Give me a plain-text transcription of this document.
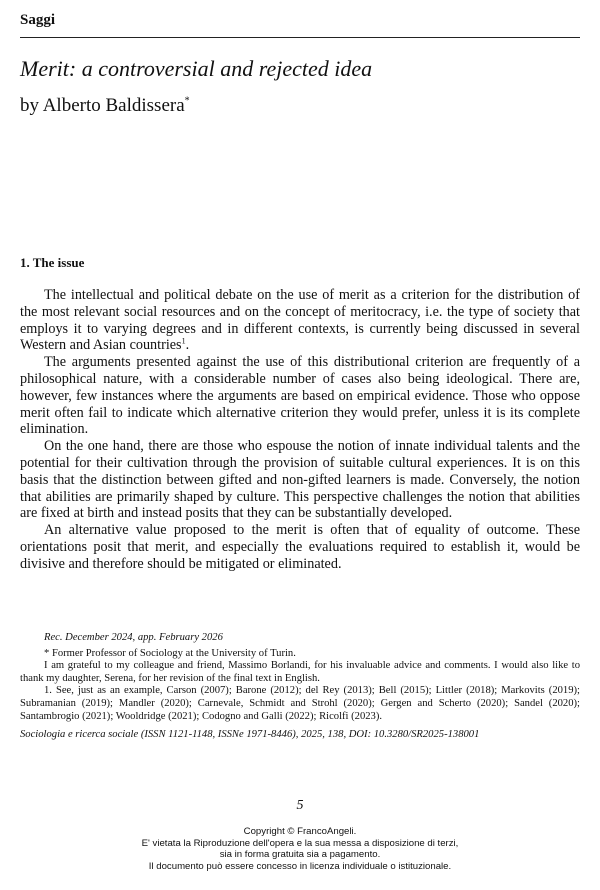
Saggi
Merit: a controversial and rejected idea
by Alberto Baldissera*
1. The issue

The intellectual and political debate on the use of merit as a criterion for the distribution of the most relevant social resources and on the concept of meritocracy, i.e. the type of society that employs it to varying degrees and in different contexts, is currently being discussed in several Western and Asian countries$^1$.

The arguments presented against the use of this distributional criterion are frequently of a philosophical nature, with a considerable number of cases also being ideological. There are, however, few instances where the arguments are based on empirical evidence. Those who oppose merit often fail to indicate which alternative criterion they would prefer, unless it is its complete elimination.

On the one hand, there are those who espouse the notion of innate individual talents and the potential for their cultivation through the provision of suitable cultural experiences. It is on this basis that the distinction between gifted and non-gifted learners is made. Conversely, the notion that abilities are primarily shaped by culture. This perspective challenges the notion that abilities are fixed at birth and instead posits that they can be substantially developed.

An alternative value proposed to the merit is often that of equality of outcome. These orientations posit that merit, and especially the evaluations required to establish it, would be divisive and therefore should be mitigated or eliminated.

Rec. December 2024, app. February 2026

* Former Professor of Sociology at the University of Turin.

I am grateful to my colleague and friend, Massimo Borlandi, for his invaluable advice and comments. I would also like to thank my daughter, Serena, for her revision of the final text in English.

1. See, just as an example, Carson (2007); Barone (2012); del Rey (2013); Bell (2015); Littler (2018); Markovits (2019); Subramanian (2019); Mandler (2020); Carnevale, Schmidt and Strohl (2020); Gergen and Scherto (2020); Sandel (2020); Santambrogio (2021); Wooldridge (2021); Codogno and Galli (2022); Ricolfi (2023).

Sociologia e ricerca sociale (ISSN 1121-1148, ISSNe 1971-8446), 2025, 138, DOI: 10.3280/SR2025-138001

5
Copyright © FrancoAngeli.
E' vietata la Riproduzione dell'opera e la sua messa a disposizione di terzi,
sia in forma gratuita sia a pagamento.
Il documento può essere concesso in licenza individuale o istituzionale.
